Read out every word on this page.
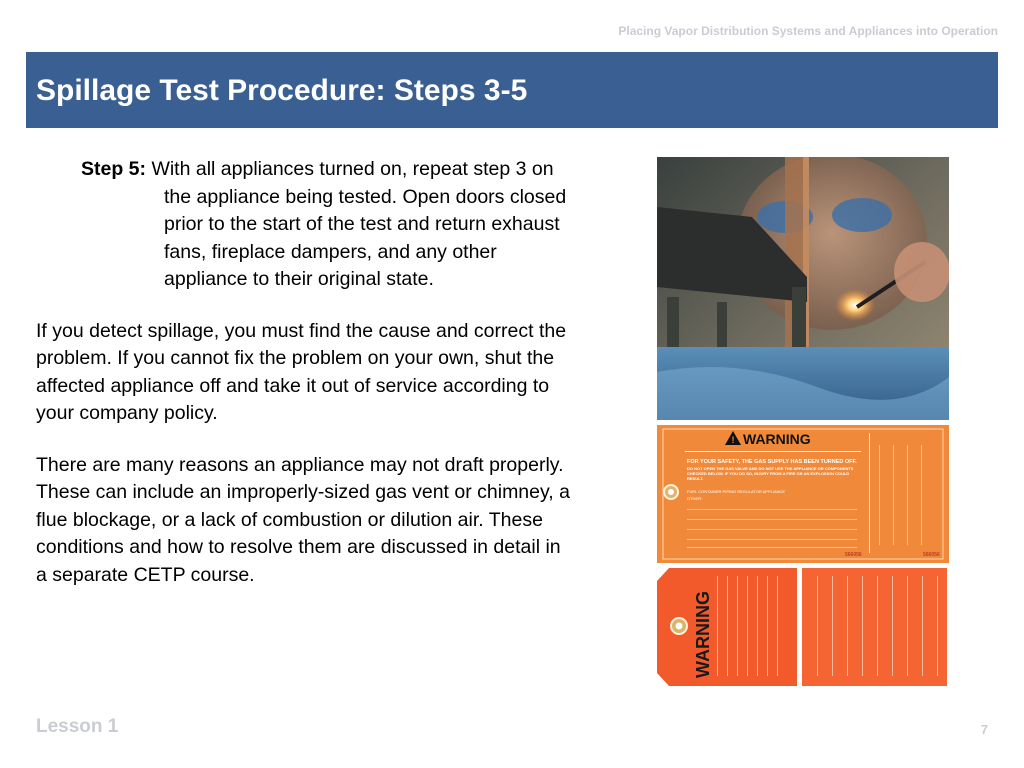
Placing Vapor Distribution Systems and Appliances into Operation
Spillage Test Procedure: Steps 3-5

Step 5: With all appliances turned on, repeat step 3 on the appliance being tested. Open doors closed prior to the start of the test and return exhaust fans, fireplace dampers, and any other appliance to their original state.

If you detect spillage, you must find the cause and correct the problem. If you cannot fix the problem on your own, shut the affected appliance off and take it out of service according to your company policy.

There are many reasons an appliance may not draft properly. These can include an improperly-sized gas vent or chimney, a flue blockage, or a lack of combustion or dilution air. These conditions and how to resolve them are discussed in detail in a separate CETP course.

! WARNING
FOR YOUR SAFETY, THE GAS SUPPLY HAS BEEN TURNED OFF.
DO NOT OPEN THE GAS VALVE AND DO NOT USE THE APPLIANCE OR COMPONENTS CHECKED BELOW. IF YOU DO SO, INJURY FROM A FIRE OR AN EXPLOSION COULD RESULT.
FUEL CONTAINER PIPING REGULATOR APPLIANCE
OTHER:
566056	566056
WARNING
Lesson 1	7
